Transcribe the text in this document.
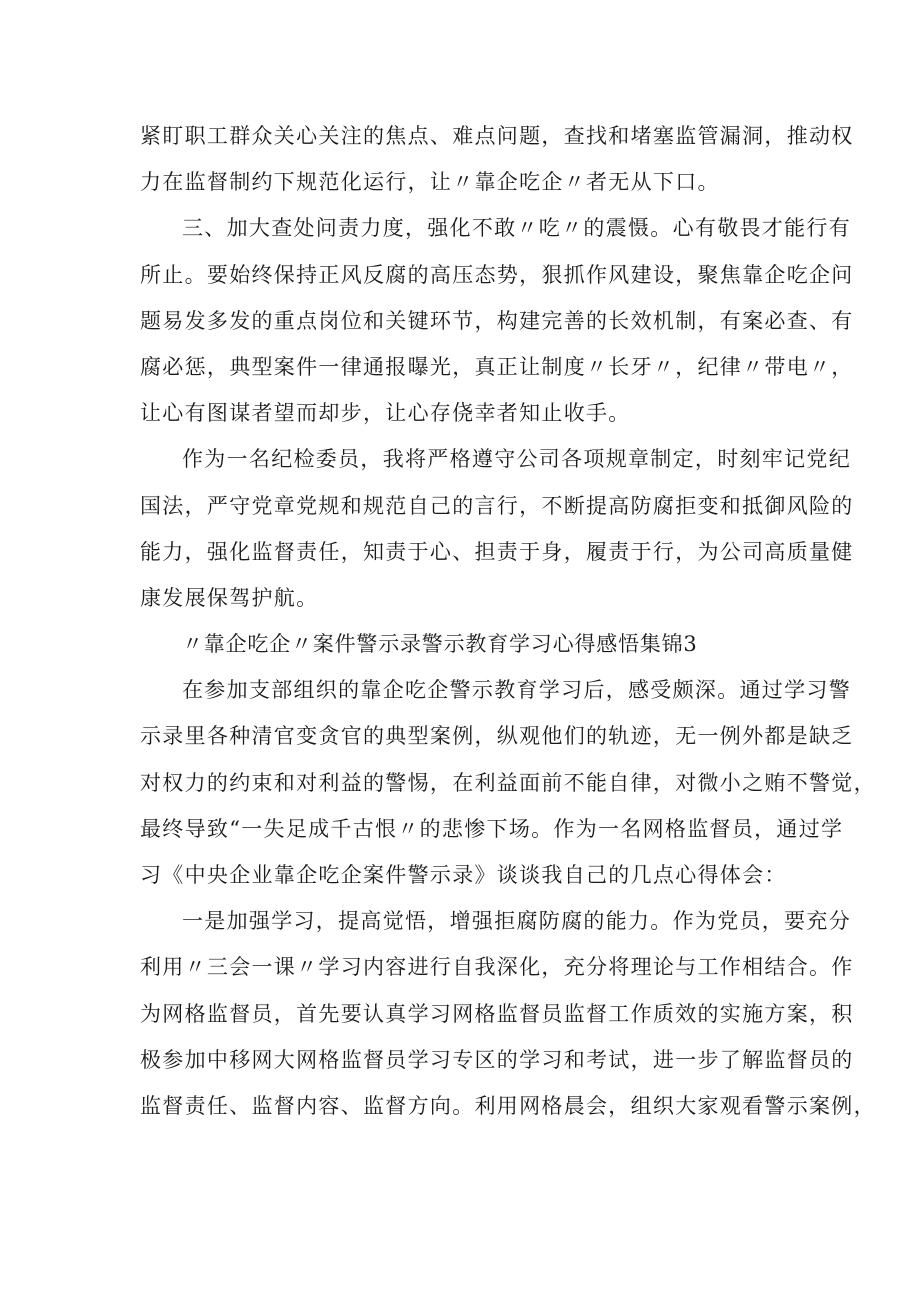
紧盯职工群众关心关注的焦点、难点问题，查找和堵塞监管漏洞，推动权
力在监督制约下规范化运行，让〃靠企吃企〃者无从下口。
三、加大查处问责力度，强化不敢〃吃〃的震慑。心有敬畏才能行有
所止。要始终保持正风反腐的高压态势，狠抓作风建设，聚焦靠企吃企问
题易发多发的重点岗位和关键环节，构建完善的长效机制，有案必查、有
腐必惩，典型案件一律通报曝光，真正让制度〃长牙〃，纪律〃带电〃，
让心有图谋者望而却步，让心存侥幸者知止收手。
作为一名纪检委员，我将严格遵守公司各项规章制定，时刻牢记党纪
国法，严守党章党规和规范自己的言行，不断提高防腐拒变和抵御风险的
能力，强化监督责任，知责于心、担责于身，履责于行，为公司高质量健
康发展保驾护航。
〃靠企吃企〃案件警示录警示教育学习心得感悟集锦3
在参加支部组织的靠企吃企警示教育学习后，感受颇深。通过学习警
示录里各种清官变贪官的典型案例，纵观他们的轨迹，无一例外都是缺乏
对权力的约束和对利益的警惕，在利益面前不能自律，对微小之贿不警觉，
最终导致“一失足成千古恨〃的悲惨下场。作为一名网格监督员，通过学
习《中央企业靠企吃企案件警示录》谈谈我自己的几点心得体会：
一是加强学习，提高觉悟，增强拒腐防腐的能力。作为党员，要充分
利用〃三会一课〃学习内容进行自我深化，充分将理论与工作相结合。作
为网格监督员，首先要认真学习网格监督员监督工作质效的实施方案，积
极参加中移网大网格监督员学习专区的学习和考试，进一步了解监督员的
监督责任、监督内容、监督方向。利用网格晨会，组织大家观看警示案例，
